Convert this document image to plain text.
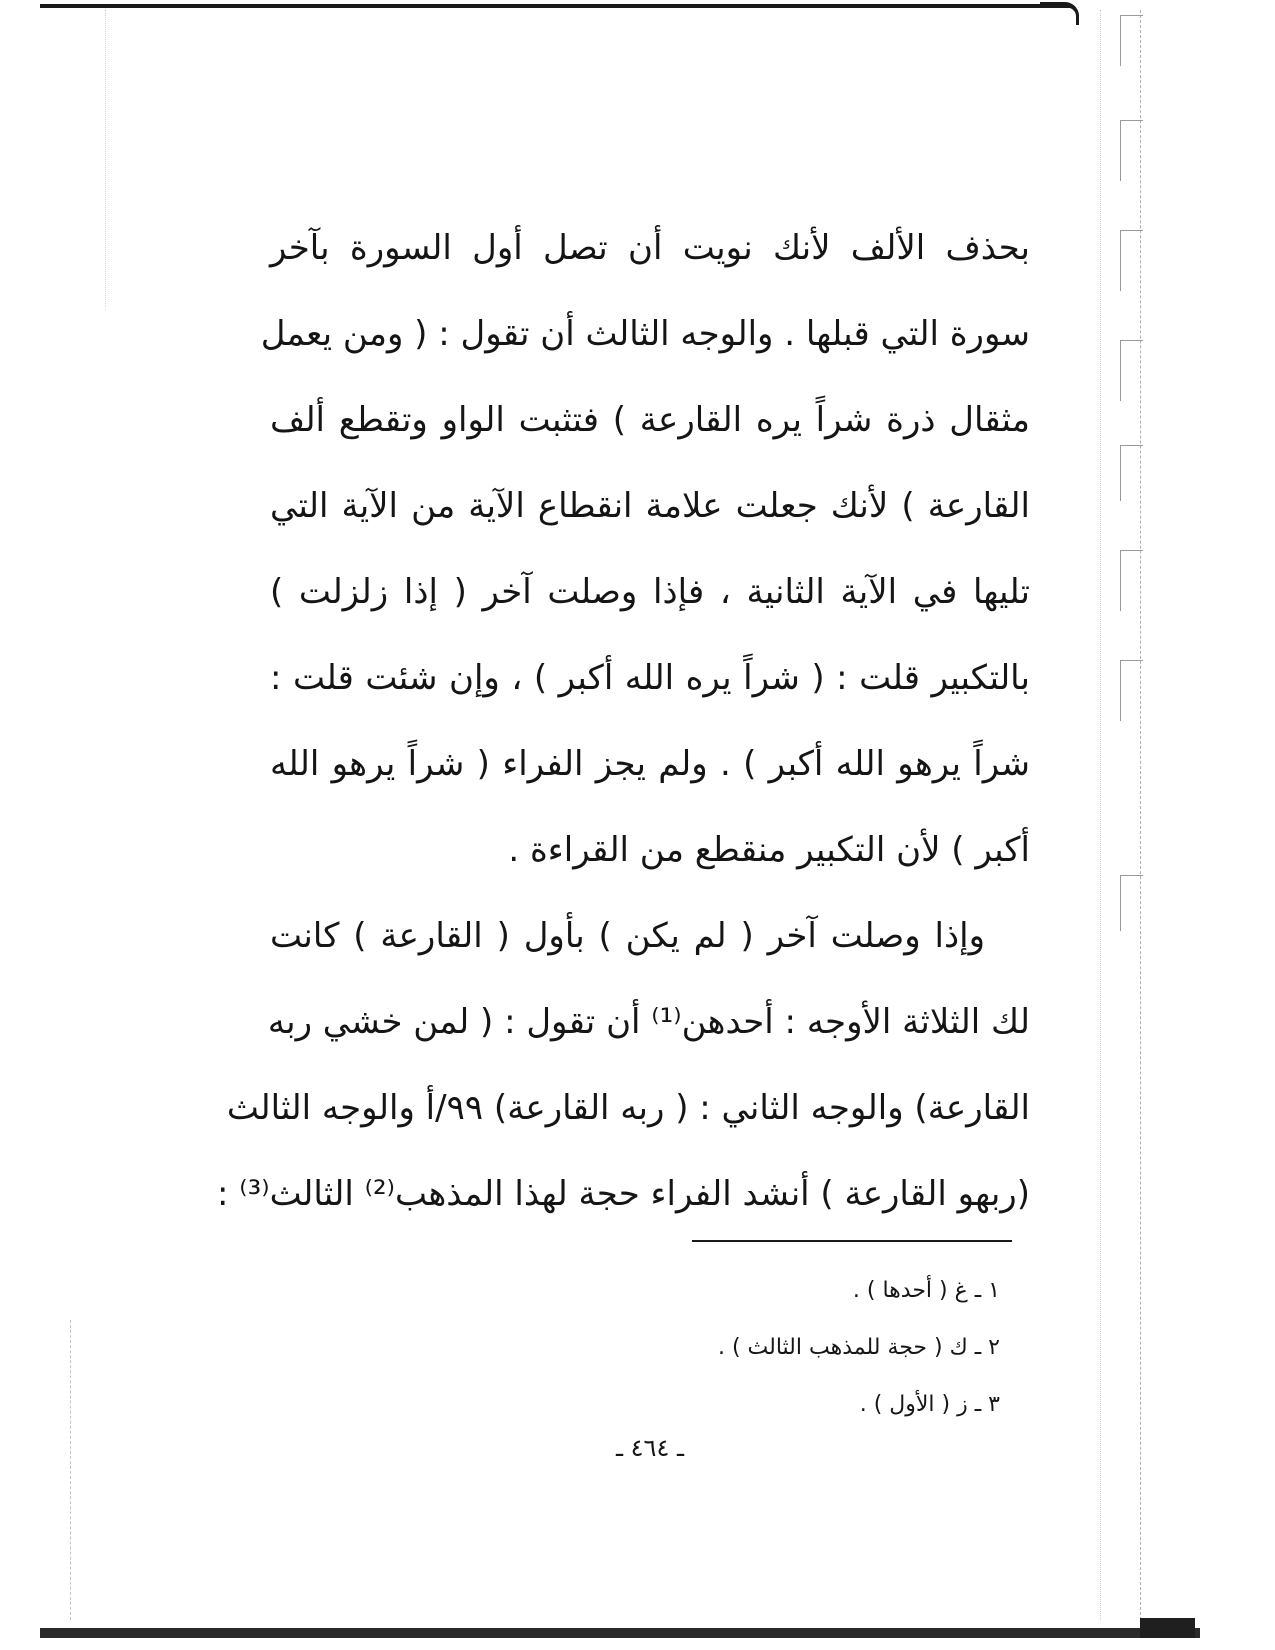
بحذف الألف لأنك نويت أن تصل أول السورة بآخر
سورة التي قبلها . والوجه الثالث أن تقول : ( ومن يعمل
مثقال ذرة شراً يره القارعة ) فتثبت الواو وتقطع ألف
القارعة ) لأنك جعلت علامة انقطاع الآية من الآية التي
تليها في الآية الثانية ، فإذا وصلت آخر ( إذا زلزلت )
بالتكبير قلت : ( شراً يره الله أكبر ) ، وإن شئت قلت :
شراً يرهو الله أكبر ) . ولم يجز الفراء ( شراً يرهو الله
أكبر ) لأن التكبير منقطع من القراءة .
وإذا وصلت آخر ( لم يكن ) بأول ( القارعة ) كانت
لك الثلاثة الأوجه : أحدهن⁽¹⁾ أن تقول : ( لمن خشي ربه
القارعة) والوجه الثاني : ( ربه القارعة) ٩٩/أ والوجه الثالث
(ربهو القارعة ) أنشد الفراء حجة لهذا المذهب⁽²⁾ الثالث⁽³⁾ :
١ ـ غ ( أحدها ) .
٢ ـ ك ( حجة للمذهب الثالث ) .
٣ ـ ز ( الأول ) .
ـ ٤٦٤ ـ
